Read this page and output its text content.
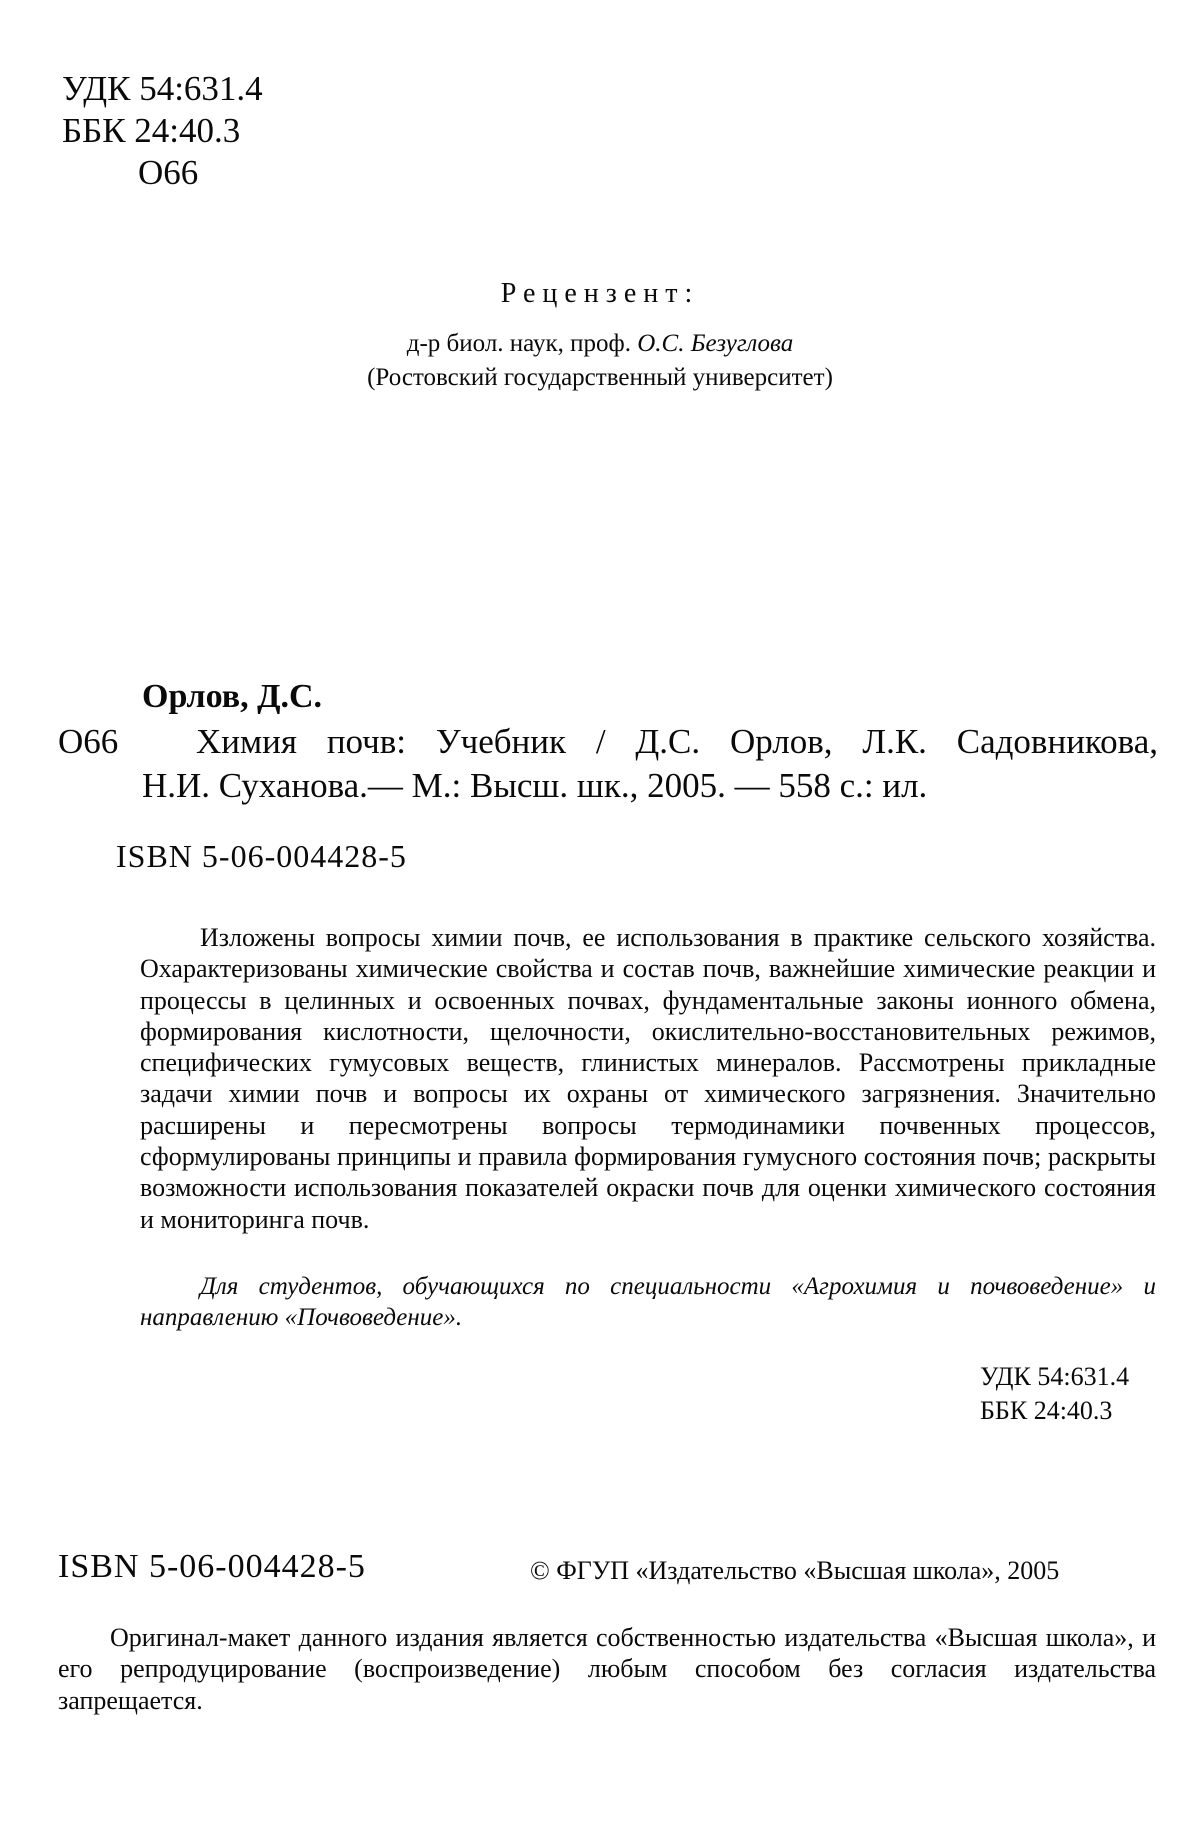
УДК 54:631.4
ББК 24:40.3
О66
Рецензент:
д-р биол. наук, проф. О.С. Безуглова
(Ростовский государственный университет)
Орлов, Д.С.
О66 Химия почв: Учебник / Д.С. Орлов, Л.К. Садовникова,
Н.И. Суханова.— М.: Высш. шк., 2005. — 558 с.: ил.
ISBN 5-06-004428-5
Изложены вопросы химии почв, ее использования в практике сельского хозяйства. Охарактеризованы химические свойства и состав почв, важнейшие химические реакции и процессы в целинных и освоенных почвах, фундаментальные законы ионного обмена, формирования кислотности, щелочности, окислительно-восстановительных режимов, специфических гумусовых веществ, глинистых минералов. Рассмотрены прикладные задачи химии почв и вопросы их охраны от химического загрязнения. Значительно расширены и пересмотрены вопросы термодинамики почвенных процессов, сформулированы принципы и правила формирования гумусного состояния почв; раскрыты возможности использования показателей окраски почв для оценки химического состояния и мониторинга почв.
Для студентов, обучающихся по специальности «Агрохимия и почвоведение» и направлению «Почвоведение».
УДК 54:631.4
ББК 24:40.3
ISBN 5-06-004428-5	© ФГУП «Издательство «Высшая школа», 2005
Оригинал-макет данного издания является собственностью издательства «Высшая школа», и его репродуцирование (воспроизведение) любым способом без согласия издательства запрещается.
